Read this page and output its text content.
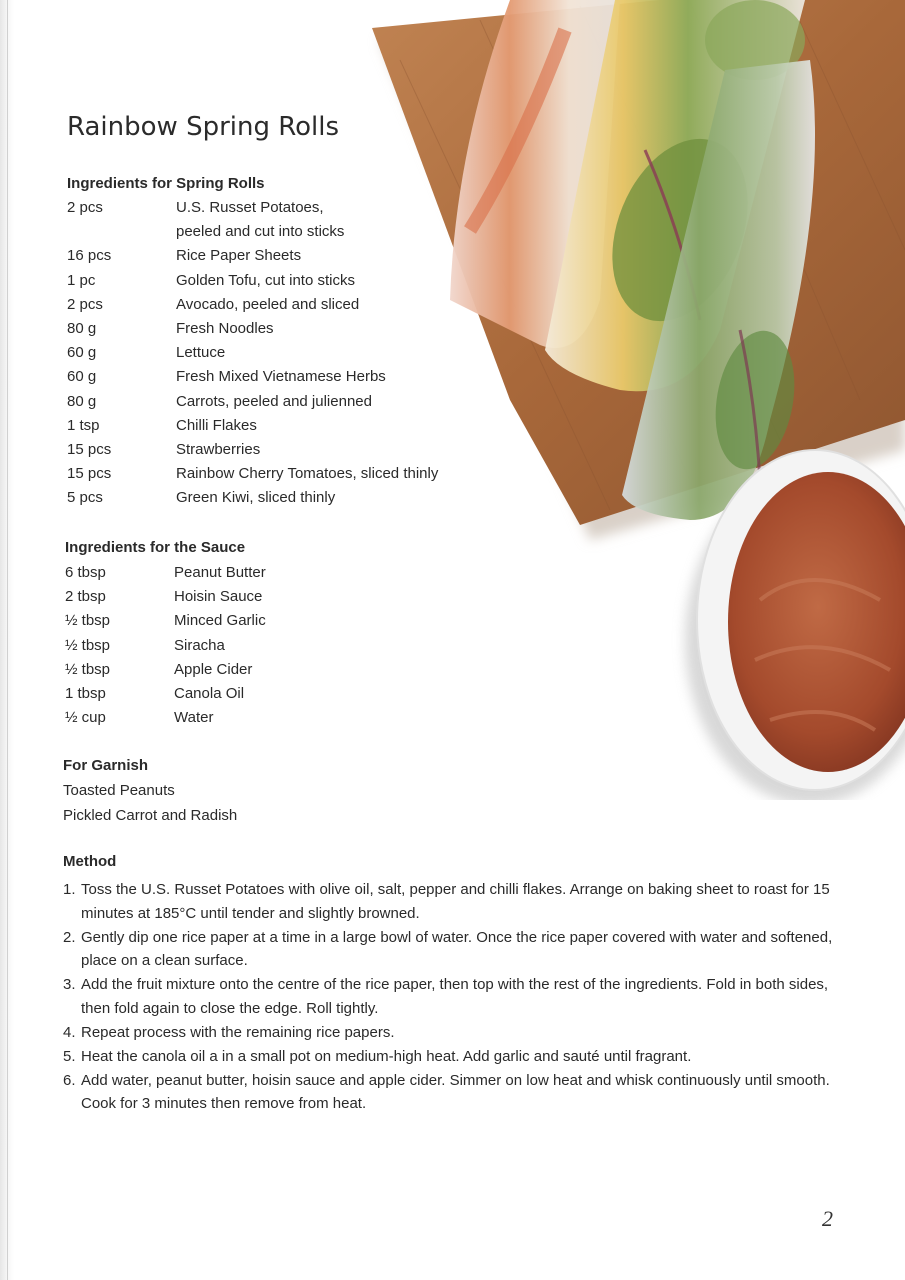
Rainbow Spring Rolls
Ingredients for Spring Rolls
2 pcs	U.S. Russet Potatoes,
peeled and cut into sticks
16 pcs	Rice Paper Sheets
1 pc	Golden Tofu, cut into sticks
2 pcs	Avocado, peeled and sliced
80 g	Fresh Noodles
60 g	Lettuce
60 g	Fresh Mixed Vietnamese Herbs
80 g	Carrots, peeled and julienned
1 tsp	Chilli Flakes
15 pcs	Strawberries
15 pcs	Rainbow Cherry Tomatoes, sliced thinly
5 pcs	Green Kiwi, sliced thinly
Ingredients for the Sauce
6 tbsp	Peanut Butter
2 tbsp	Hoisin Sauce
½ tbsp	Minced Garlic
½ tbsp	Siracha
½ tbsp	Apple Cider
1 tbsp	Canola Oil
½ cup	Water
For Garnish
Toasted Peanuts
Pickled Carrot and Radish
Method
1. Toss the U.S. Russet Potatoes with olive oil, salt, pepper and chilli flakes. Arrange on baking sheet to roast for 15 minutes at 185°C until tender and slightly browned.
2. Gently dip one rice paper at a time in a large bowl of water. Once the rice paper covered with water and softened, place on a clean surface.
3. Add the fruit mixture onto the centre of the rice paper, then top with the rest of the ingredients. Fold in both sides, then fold again to close the edge. Roll tightly.
4. Repeat process with the remaining rice papers.
5. Heat the canola oil a in a small pot on medium-high heat. Add garlic and sauté until fragrant.
6. Add water, peanut butter, hoisin sauce and apple cider. Simmer on low heat and whisk continuously until smooth. Cook for 3 minutes then remove from heat.
2
